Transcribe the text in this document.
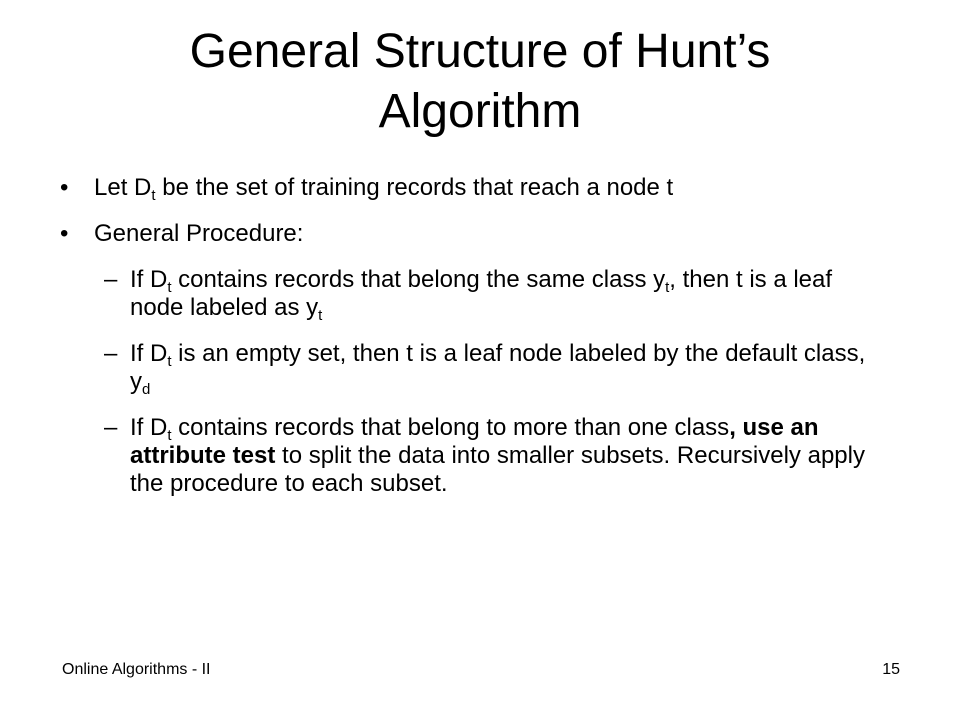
General Structure of Hunt’s
Algorithm
• Let $D_t$ be the set of training records that reach a node t
• General Procedure:
– If $D_t$ contains records that belong the same class $y_t$, then t is a leaf node labeled as $y_t$
– If $D_t$ is an empty set, then t is a leaf node labeled by the default class, $y_d$
– If $D_t$ contains records that belong to more than one class, use an attribute test to split the data into smaller subsets. Recursively apply the procedure to each subset.
Online Algorithms - II	15
